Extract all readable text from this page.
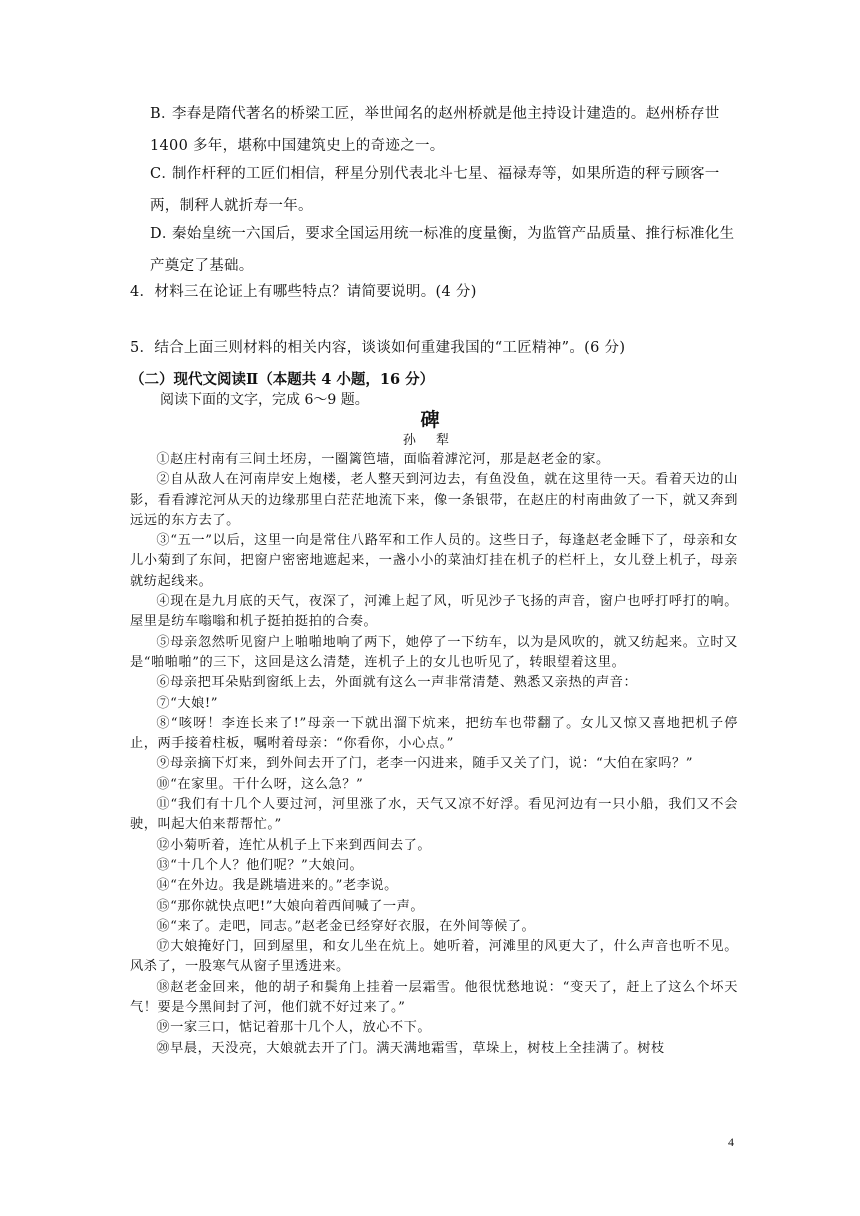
B．李春是隋代著名的桥梁工匠，举世闻名的赵州桥就是他主持设计建造的。赵州桥存世 1400 多年，堪称中国建筑史上的奇迹之一。
C．制作杆秤的工匠们相信，秤星分别代表北斗七星、福禄寿等，如果所造的秤亏顾客一两，制秤人就折寿一年。
D．秦始皇统一六国后，要求全国运用统一标准的度量衡，为监管产品质量、推行标准化生产奠定了基础。
4．材料三在论证上有哪些特点？请简要说明。(4 分)
5．结合上面三则材料的相关内容，谈谈如何重建我国的“工匠精神”。(6 分)
（二）现代文阅读Ⅱ（本题共 4 小题，16 分）
阅读下面的文字，完成 6～9 题。
碑
孙 犁

①赵庄村南有三间土坯房，一圈篱笆墙，面临着滹沱河，那是赵老金的家。

②自从敌人在河南岸安上炮楼，老人整天到河边去，有鱼没鱼，就在这里待一天。看着天边的山影，看看滹沱河从天的边缘那里白茫茫地流下来，像一条银带，在赵庄的村南曲敛了一下，就又奔到远远的东方去了。

③“五一”以后，这里一向是常住八路军和工作人员的。这些日子，每逢赵老金睡下了，母亲和女儿小菊到了东间，把窗户密密地遮起来，一盏小小的菜油灯挂在机子的栏杆上，女儿登上机子，母亲就纺起线来。

④现在是九月底的天气，夜深了，河滩上起了风，听见沙子飞扬的声音，窗户也呼打呼打的响。屋里是纺车嗡嗡和机子挺拍挺拍的合奏。

⑤母亲忽然听见窗户上啪啪地响了两下，她停了一下纺车，以为是风吹的，就又纺起来。立时又是“啪啪啪”的三下，这回是这么清楚，连机子上的女儿也听见了，转眼望着这里。

⑥母亲把耳朵贴到窗纸上去，外面就有这么一声非常清楚、熟悉又亲热的声音：

⑦“大娘!”

⑧“咳呀！李连长来了!”母亲一下就出溜下炕来，把纺车也带翻了。女儿又惊又喜地把机子停止，两手接着柱板，嘱咐着母亲：“你看你，小心点。”

⑨母亲摘下灯来，到外间去开了门，老李一闪进来，随手又关了门，说：“大伯在家吗？”

⑩“在家里。干什么呀，这么急？”

⑪“我们有十几个人要过河，河里涨了水，天气又凉不好浮。看见河边有一只小船，我们又不会驶，叫起大伯来帮帮忙。”

⑫小菊听着，连忙从机子上下来到西间去了。

⑬“十几个人？他们呢？”大娘问。

⑭“在外边。我是跳墙进来的。”老李说。

⑮“那你就快点吧!”大娘向着西间喊了一声。

⑯“来了。走吧，同志。”赵老金已经穿好衣服，在外间等候了。

⑰大娘掩好门，回到屋里，和女儿坐在炕上。她听着，河滩里的风更大了，什么声音也听不见。风杀了，一股寒气从窗子里透进来。

⑱赵老金回来，他的胡子和鬓角上挂着一层霜雪。他很忧愁地说：“变天了，赶上了这么个坏天气！要是今黑间封了河，他们就不好过来了。”

⑲一家三口，惦记着那十几个人，放心不下。

⑳早晨，天没亮，大娘就去开了门。满天满地霜雪，草垛上，树枝上全挂满了。树枝

4
